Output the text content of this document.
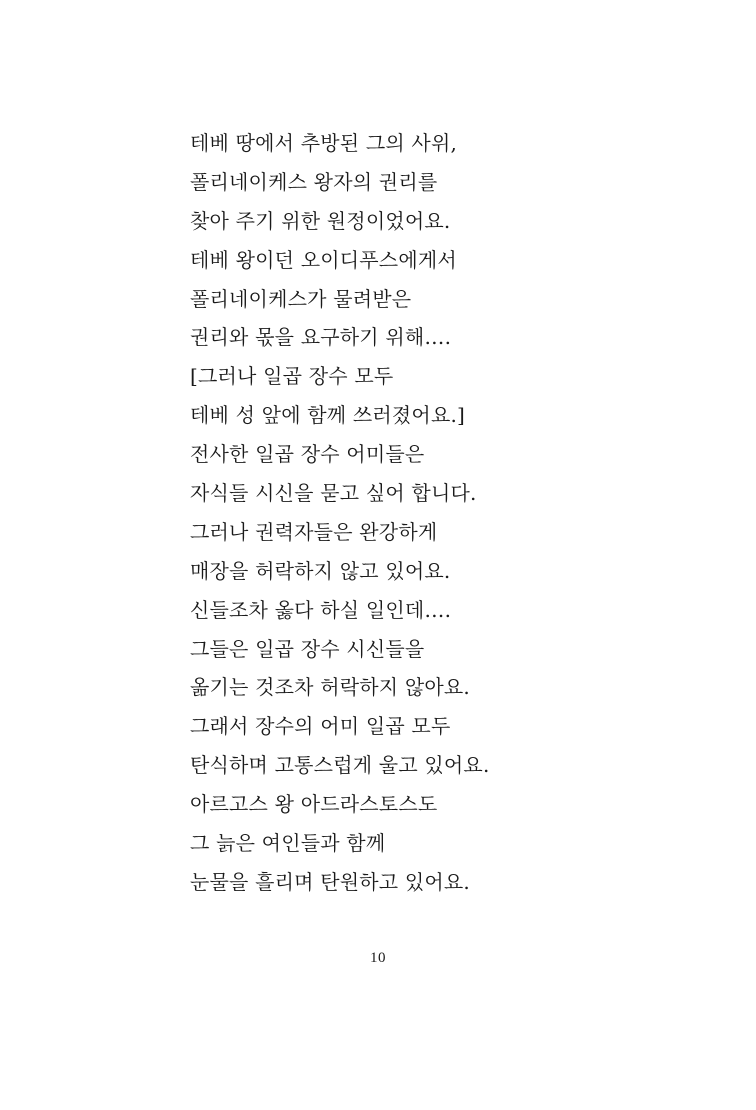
테베 땅에서 추방된 그의 사위,
폴리네이케스 왕자의 권리를
찾아 주기 위한 원정이었어요.
테베 왕이던 오이디푸스에게서
폴리네이케스가 물려받은
권리와 몫을 요구하기 위해….
[그러나 일곱 장수 모두
테베 성 앞에 함께 쓰러졌어요.]
전사한 일곱 장수 어미들은
자식들 시신을 묻고 싶어 합니다.
그러나 권력자들은 완강하게
매장을 허락하지 않고 있어요.
신들조차 옳다 하실 일인데….
그들은 일곱 장수 시신들을
옮기는 것조차 허락하지 않아요.
그래서 장수의 어미 일곱 모두
탄식하며 고통스럽게 울고 있어요.
아르고스 왕 아드라스토스도
그 늙은 여인들과 함께
눈물을 흘리며 탄원하고 있어요.
10
